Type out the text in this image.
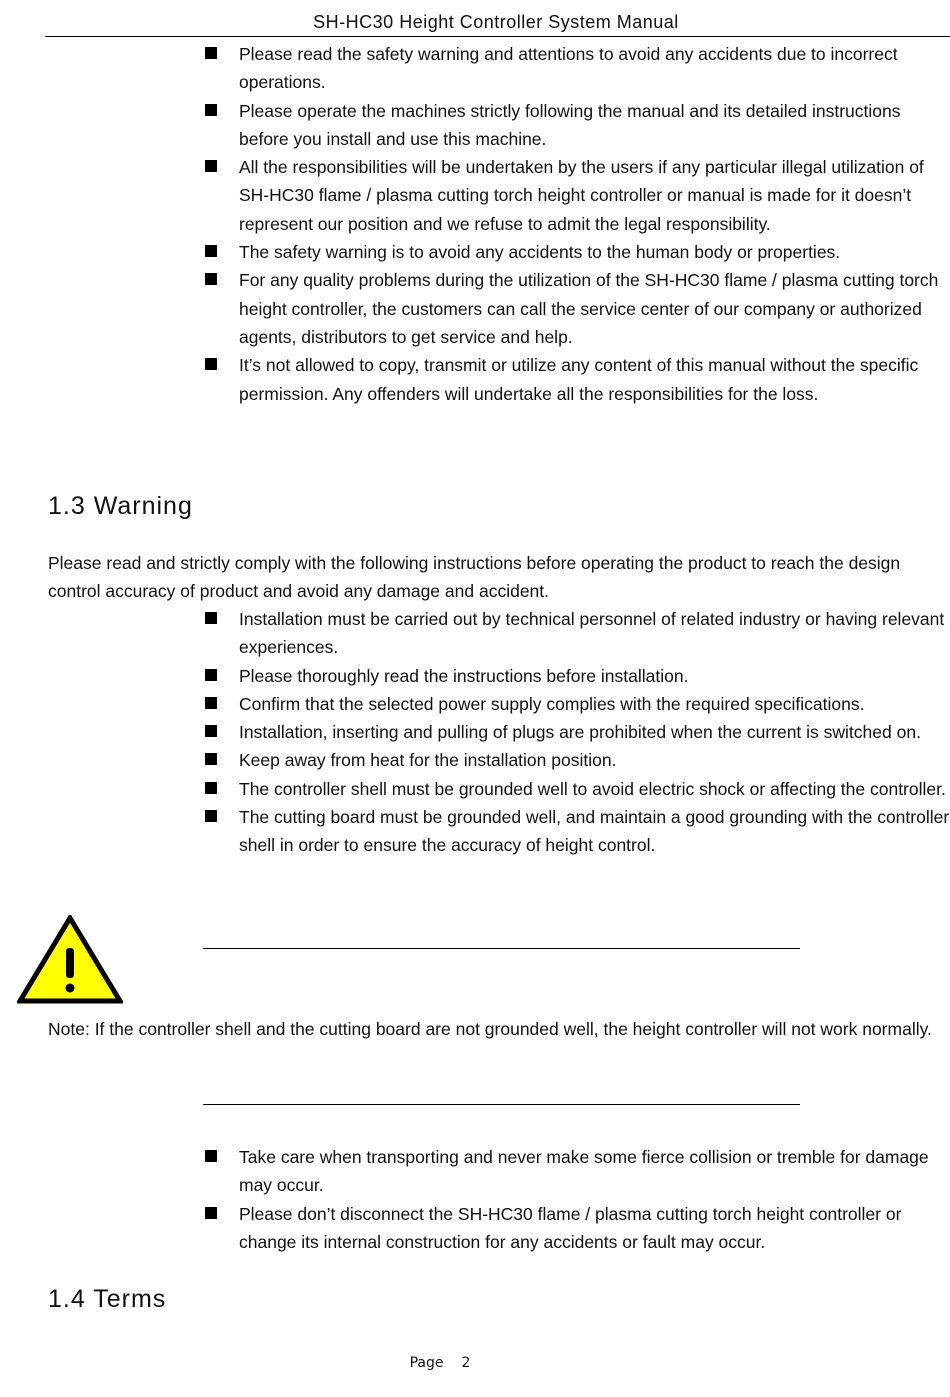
SH-HC30 Height Controller System Manual
Please read the safety warning and attentions to avoid any accidents due to incorrect operations.
Please operate the machines strictly following the manual and its detailed instructions before you install and use this machine.
All the responsibilities will be undertaken by the users if any particular illegal utilization of SH-HC30 flame / plasma cutting torch height controller or manual is made for it doesn’t represent our position and we refuse to admit the legal responsibility.
The safety warning is to avoid any accidents to the human body or properties.
For any quality problems during the utilization of the SH-HC30 flame / plasma cutting torch height controller, the customers can call the service center of our company or authorized agents, distributors to get service and help.
It’s not allowed to copy, transmit or utilize any content of this manual without the specific permission. Any offenders will undertake all the responsibilities for the loss.
1.3 Warning
Please read and strictly comply with the following instructions before operating the product to reach the design control accuracy of product and avoid any damage and accident.
Installation must be carried out by technical personnel of related industry or having relevant experiences.
Please thoroughly read the instructions before installation.
Confirm that the selected power supply complies with the required specifications.
Installation, inserting and pulling of plugs are prohibited when the current is switched on.
Keep away from heat for the installation position.
The controller shell must be grounded well to avoid electric shock or affecting the controller.
The cutting board must be grounded well, and maintain a good grounding with the controller shell in order to ensure the accuracy of height control.
Note: If the controller shell and the cutting board are not grounded well, the height controller will not work normally.
Take care when transporting and never make some fierce collision or tremble for damage may occur.
Please don’t disconnect the SH-HC30 flame / plasma cutting torch height controller or change its internal construction for any accidents or fault may occur.
1.4 Terms
Page 2
